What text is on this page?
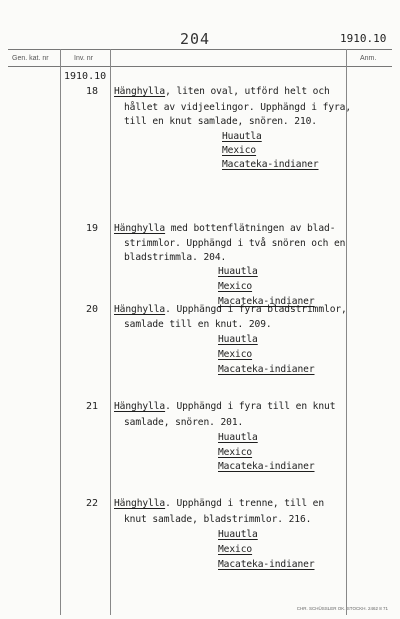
204	1910.10
Gen. kat. nr	Inv. nr	Anm.
1910.10
18 Hänghylla, liten oval, utförd helt och
hållet av vidjeelingor. Upphängd i fyra,
till en knut samlade, snören. 210.
Huautla
Mexico
Macateka-indianer
19 Hänghylla med bottenflätningen av blad-
strimmlor. Upphängd i två snören och en
bladstrimmla. 204.
Huautla
Mexico
Macateka-indianer
20 Hänghylla. Upphängd i fyra bladstrimmlor,
samlade till en knut. 209.
Huautla
Mexico
Macateka-indianer
21 Hänghylla. Upphängd i fyra till en knut
samlade, snören. 201.
Huautla
Mexico
Macateka-indianer
22 Hänghylla. Upphängd i trenne, till en
knut samlade, bladstrimmlor. 216.
Huautla
Mexico
Macateka-indianer
CHR. SCHÜSSLER OK. STOCKH. 2462 8 71
